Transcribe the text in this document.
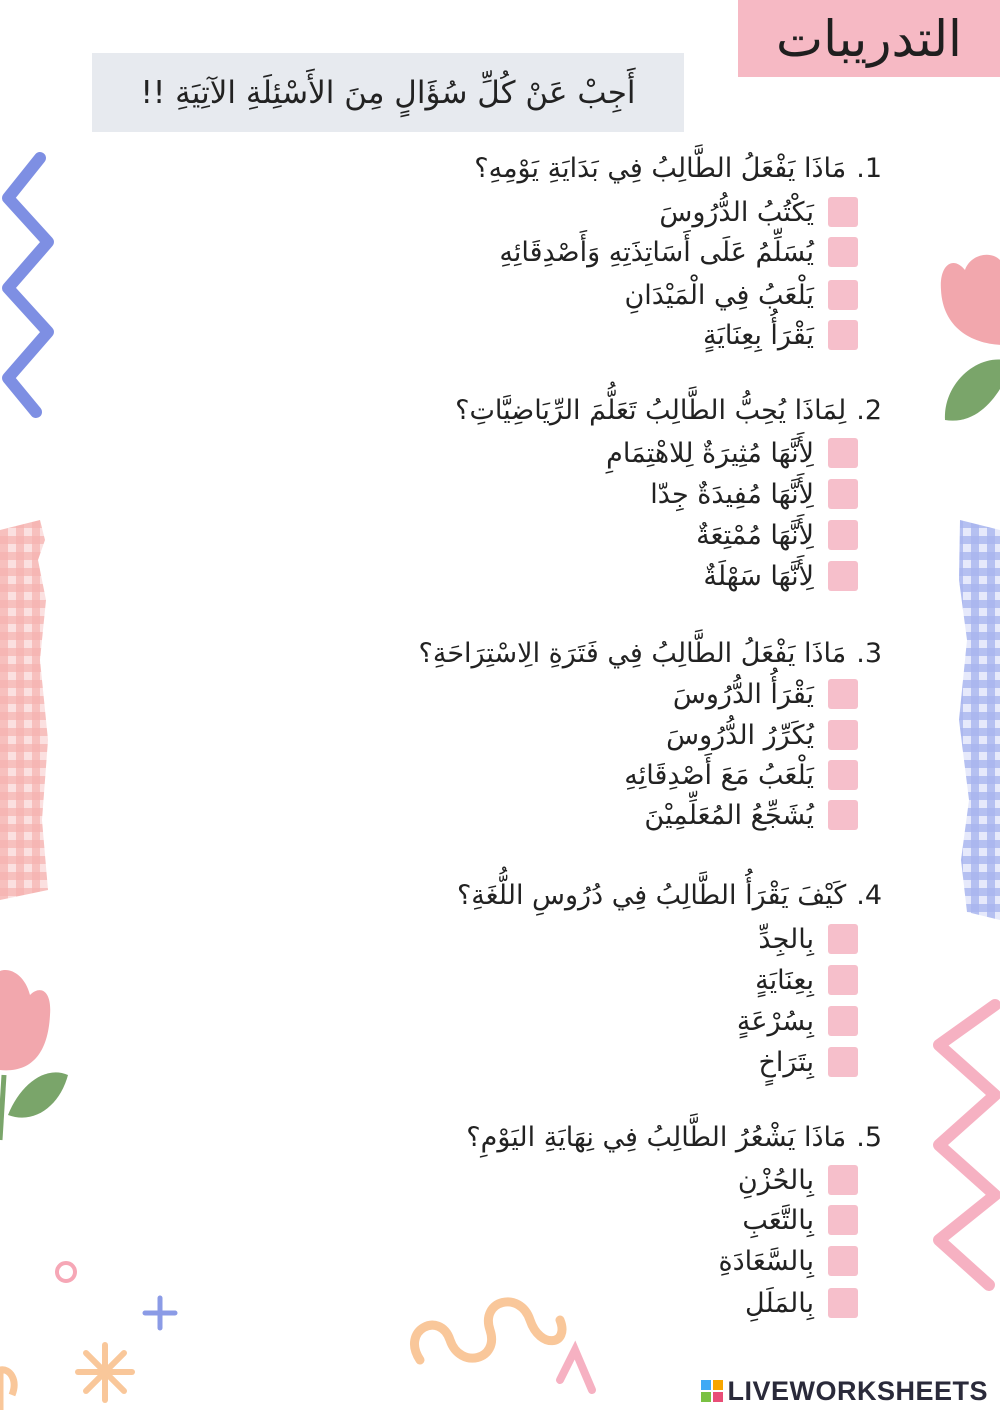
التدريبات
أَجِبْ عَنْ كُلِّ سُؤَالٍ مِنَ الأَسْئِلَةِ الآتِيَةِ !!
1.مَاذَا يَفْعَلُ الطَّالِبُ فِي بَدَايَةِ يَوْمِهِ؟
يَكْتُبُ الدُّرُوسَ
يُسَلِّمُ عَلَى أَسَاتِذَتِهِ وَأَصْدِقَائِهِ
يَلْعَبُ فِي الْمَيْدَانِ
يَقْرَأُ بِعِنَايَةٍ
2.لِمَاذَا يُحِبُّ الطَّالِبُ تَعَلُّمَ الرِّيَاضِيَّاتِ؟
لِأَنَّهَا مُثِيرَةٌ لِلاهْتِمَامِ
لِأَنَّهَا مُفِيدَةٌ جِدّا
لِأَنَّهَا مُمْتِعَةٌ
لِأَنَّهَا سَهْلَةٌ
3.مَاذَا يَفْعَلُ الطَّالِبُ فِي فَتَرَةِ الِاسْتِرَاحَةِ؟
يَقْرَأُ الدُّرُوسَ
يُكَرِّرُ الدُّرُوسَ
يَلْعَبُ مَعَ أَصْدِقَائِهِ
يُشَجِّعُ المُعَلِّمِيْنَ
4.كَيْفَ يَقْرَأُ الطَّالِبُ فِي دُرُوسِ اللُّغَةِ؟
بِالجِدِّ
بِعِنَايَةٍ
بِسُرْعَةٍ
بِتَرَاخٍ
5.مَاذَا يَشْعُرُ الطَّالِبُ فِي نِهَايَةِ اليَوْمِ؟
بِالحُزْنِ
بِالتَّعَبِ
بِالسَّعَادَةِ
بِالمَلَلِ
LIVEWORKSHEETS
